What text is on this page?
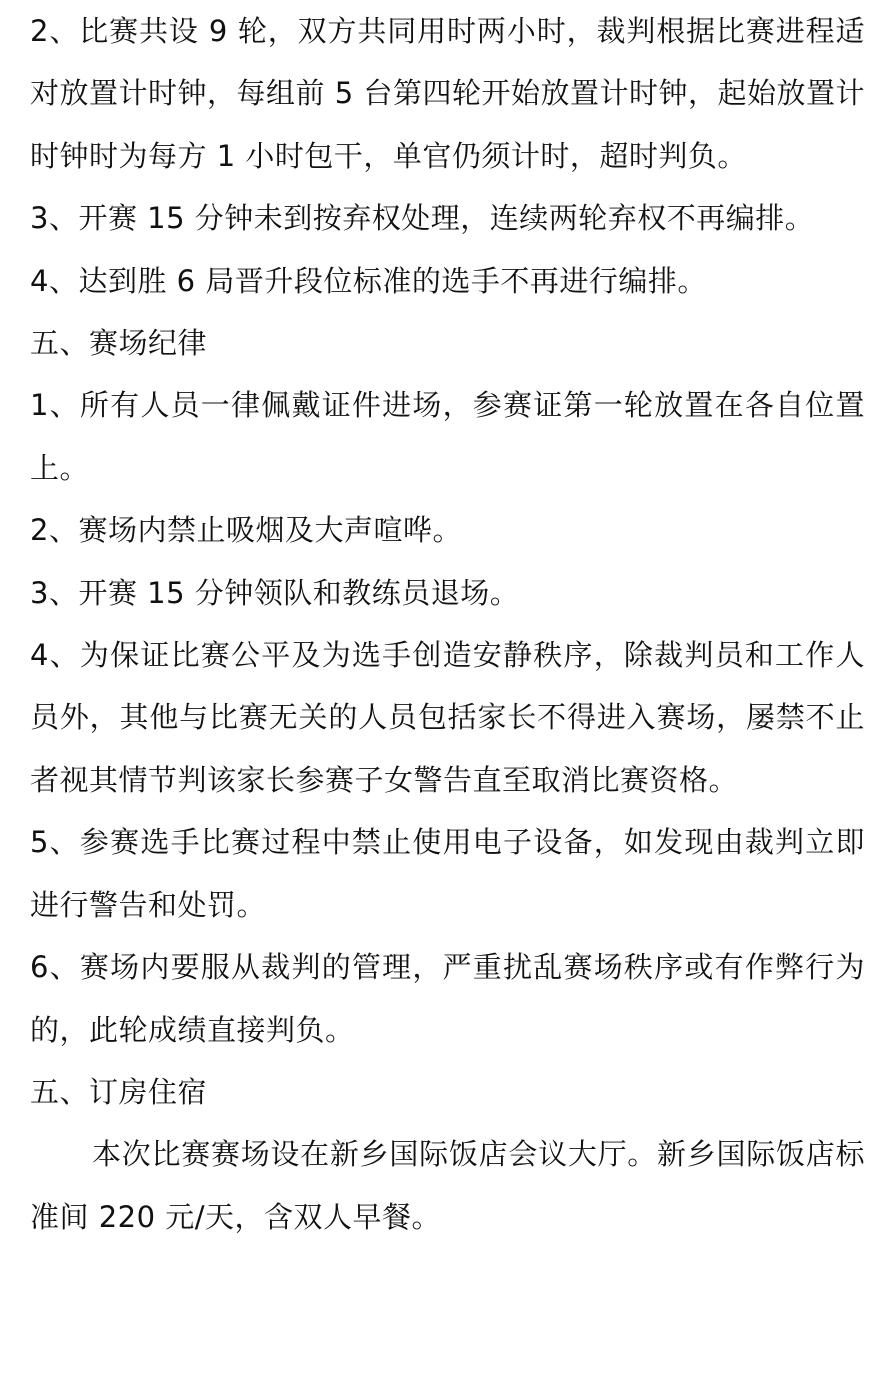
2、比赛共设 9 轮，双方共同用时两小时，裁判根据比赛进程适对放置计时钟，每组前 5 台第四轮开始放置计时钟，起始放置计时钟时为每方 1 小时包干，单官仍须计时，超时判负。

3、开赛 15 分钟未到按弃权处理，连续两轮弃权不再编排。

4、达到胜 6 局晋升段位标准的选手不再进行编排。

五、赛场纪律

1、所有人员一律佩戴证件进场，参赛证第一轮放置在各自位置上。

2、赛场内禁止吸烟及大声喧哗。

3、开赛 15 分钟领队和教练员退场。

4、为保证比赛公平及为选手创造安静秩序，除裁判员和工作人员外，其他与比赛无关的人员包括家长不得进入赛场，屡禁不止者视其情节判该家长参赛子女警告直至取消比赛资格。

5、参赛选手比赛过程中禁止使用电子设备，如发现由裁判立即进行警告和处罚。

6、赛场内要服从裁判的管理，严重扰乱赛场秩序或有作弊行为的，此轮成绩直接判负。

五、订房住宿

本次比赛赛场设在新乡国际饭店会议大厅。新乡国际饭店标准间 220 元/天，含双人早餐。
